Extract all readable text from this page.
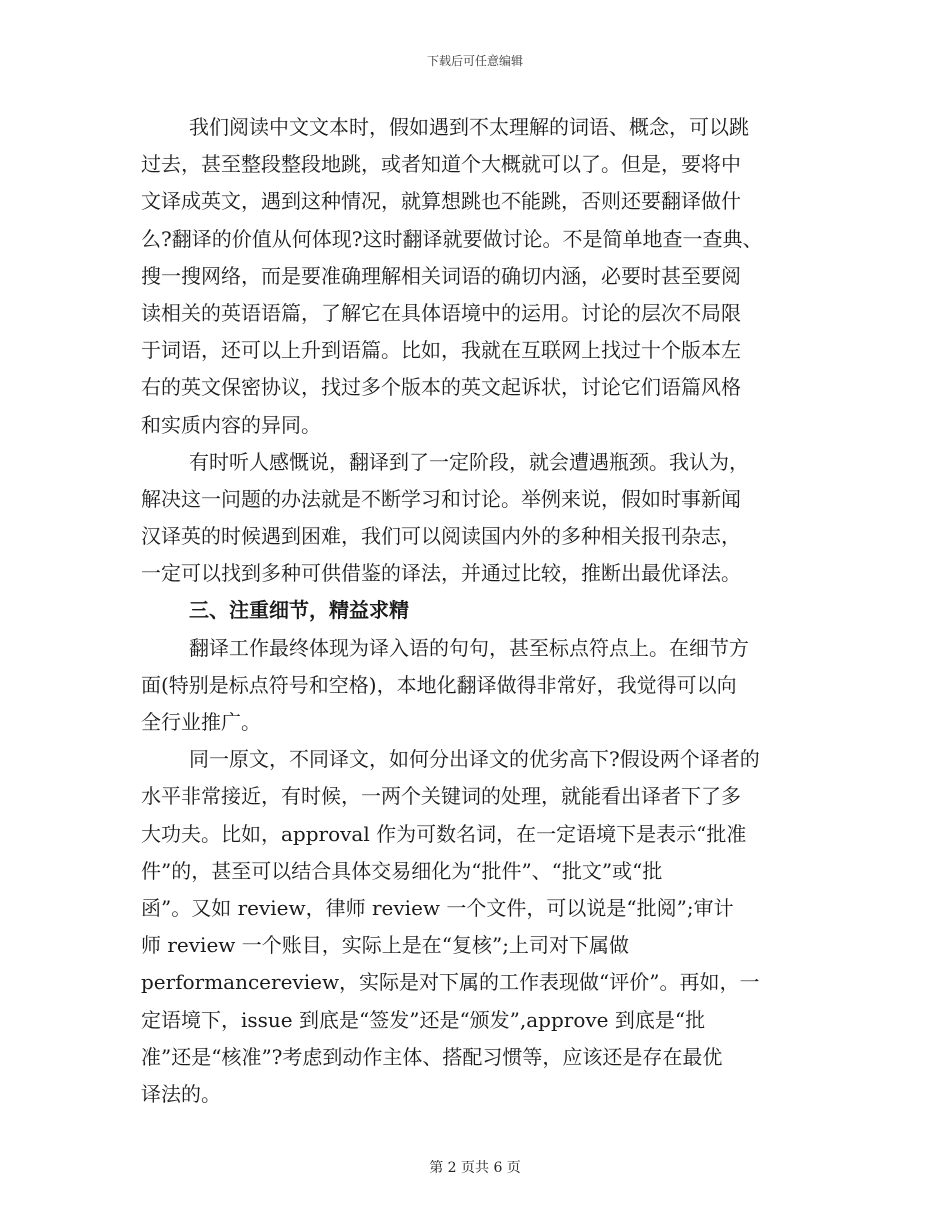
下载后可任意编辑
我们阅读中文文本时，假如遇到不太理解的词语、概念，可以跳
过去，甚至整段整段地跳，或者知道个大概就可以了。但是，要将中
文译成英文，遇到这种情况，就算想跳也不能跳，否则还要翻译做什
么?翻译的价值从何体现?这时翻译就要做讨论。不是简单地查一查典、
搜一搜网络，而是要准确理解相关词语的确切内涵，必要时甚至要阅
读相关的英语语篇，了解它在具体语境中的运用。讨论的层次不局限
于词语，还可以上升到语篇。比如，我就在互联网上找过十个版本左
右的英文保密协议，找过多个版本的英文起诉状，讨论它们语篇风格
和实质内容的异同。
有时听人感慨说，翻译到了一定阶段，就会遭遇瓶颈。我认为，
解决这一问题的办法就是不断学习和讨论。举例来说，假如时事新闻
汉译英的时候遇到困难，我们可以阅读国内外的多种相关报刊杂志，
一定可以找到多种可供借鉴的译法，并通过比较，推断出最优译法。
三、注重细节，精益求精
翻译工作最终体现为译入语的句句，甚至标点符点上。在细节方
面(特别是标点符号和空格)，本地化翻译做得非常好，我觉得可以向
全行业推广。
同一原文，不同译文，如何分出译文的优劣高下?假设两个译者的
水平非常接近，有时候，一两个关键词的处理，就能看出译者下了多
大功夫。比如，approval 作为可数名词，在一定语境下是表示“批准
件”的，甚至可以结合具体交易细化为“批件”、“批文”或“批
函”。又如 review，律师 review 一个文件，可以说是“批阅”;审计
师 review 一个账目，实际上是在“复核”;上司对下属做
performancereview，实际是对下属的工作表现做“评价”。再如，一
定语境下，issue 到底是“签发”还是“颁发”,approve 到底是“批
准”还是“核准”?考虑到动作主体、搭配习惯等，应该还是存在最优
译法的。
第 2 页共 6 页
